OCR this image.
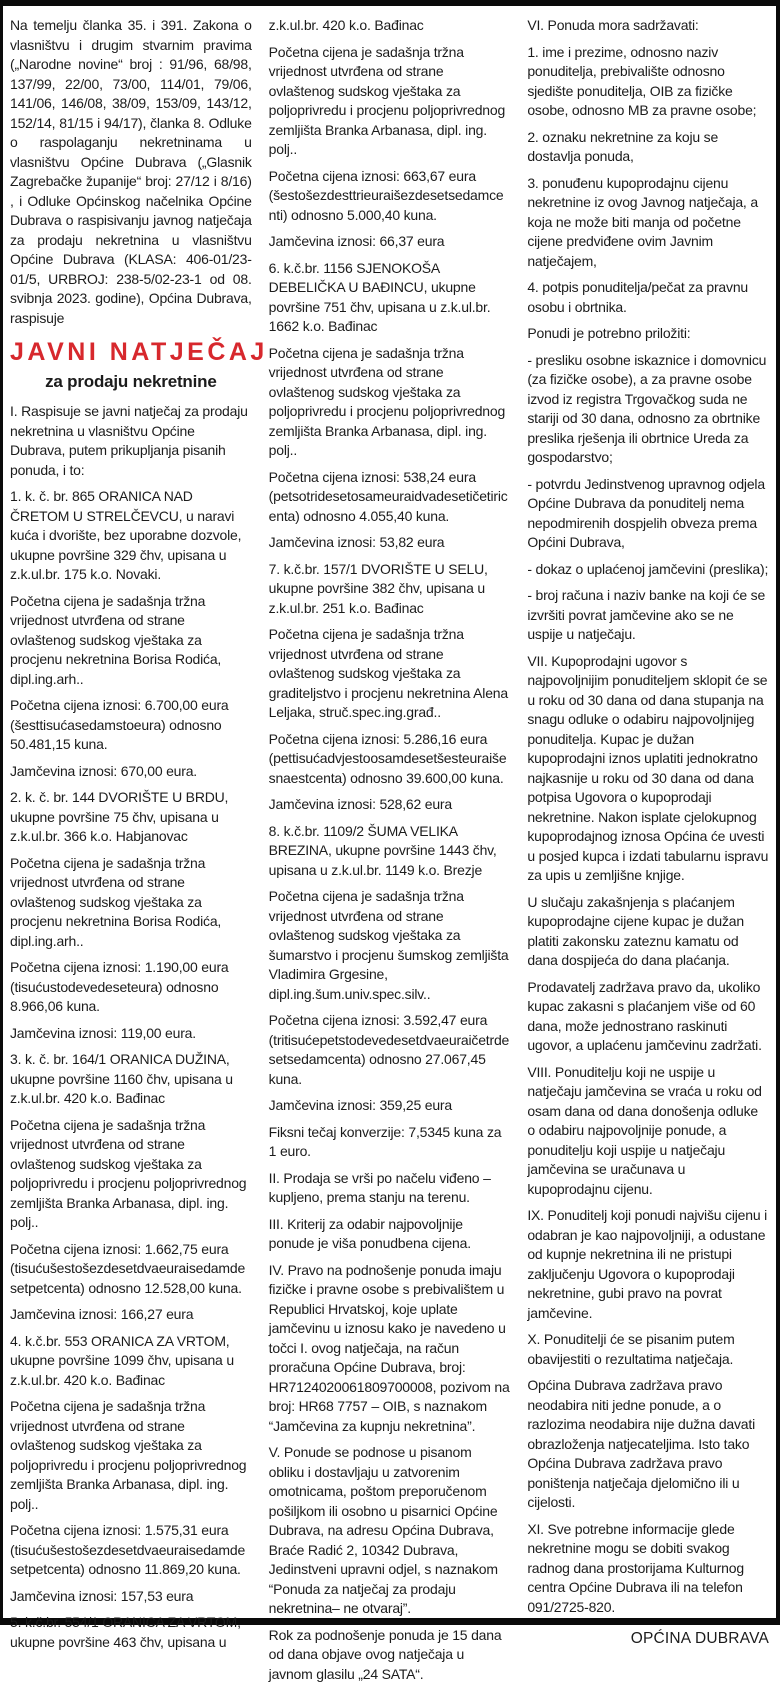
Na temelju članka 35. i 391. Zakona o vlasništvu i drugim stvarnim pravima („Narodne novine“ broj : 91/96, 68/98, 137/99, 22/00, 73/00, 114/01, 79/06, 141/06, 146/08, 38/09, 153/09, 143/12, 152/14, 81/15 i 94/17), članka 8. Odluke o raspolaganju nekretninama u vlasništvu Općine Dubrava („Glasnik Zagrebačke županije“ broj: 27/12 i 8/16) , i Odluke Općinskog načelnika Općine Dubrava o raspisivanju javnog natječaja za prodaju nekretnina u vlasništvu Općine Dubrava (KLASA: 406-01/23-01/5, URBROJ: 238-5/02-23-1 od 08. svibnja 2023. godine), Općina Dubrava, raspisuje

JAVNI NATJEČAJ
za prodaju nekretnine

I. Raspisuje se javni natječaj za prodaju nekretnina u vlasništvu Općine Dubrava, putem prikupljanja pisanih ponuda, i to:

1. k. č. br. 865 ORANICA NAD ČRETOM U STRELČEVCU, u naravi kuća i dvorište, bez uporabne dozvole, ukupne površine 329 čhv, upisana u z.k.ul.br. 175 k.o. Novaki.

Početna cijena je sadašnja tržna vrijednost utvrđena od strane ovlaštenog sudskog vještaka za procjenu nekretnina Borisa Rodića, dipl.ing.arh..

Početna cijena iznosi: 6.700,00 eura (šesttisućasedamstoeura) odnosno 50.481,15 kuna.

Jamčevina iznosi: 670,00 eura.

2. k. č. br. 144 DVORIŠTE U BRDU, ukupne površine 75 čhv, upisana u z.k.ul.br. 366 k.o. Habjanovac

Početna cijena je sadašnja tržna vrijednost utvrđena od strane ovlaštenog sudskog vještaka za procjenu nekretnina Borisa Rodića, dipl.ing.arh..

Početna cijena iznosi: 1.190,00 eura (tisućustodevedeseteura) odnosno 8.966,06 kuna.

Jamčevina iznosi: 119,00 eura.

3. k. č. br. 164/1 ORANICA DUŽINA, ukupne površine 1160 čhv, upisana u z.k.ul.br. 420 k.o. Bađinac

Početna cijena je sadašnja tržna vrijednost utvrđena od strane ovlaštenog sudskog vještaka za poljoprivredu i procjenu poljoprivrednog zemljišta Branka Arbanasa, dipl. ing. polj..

Početna cijena iznosi: 1.662,75 eura (tisućušestošezdesetdvaeuraisedamdesetpetcenta) odnosno 12.528,00 kuna.

Jamčevina iznosi: 166,27 eura

4. k.č.br. 553 ORANICA ZA VRTOM, ukupne površine 1099 čhv, upisana u z.k.ul.br. 420 k.o. Bađinac

Početna cijena je sadašnja tržna vrijednost utvrđena od strane ovlaštenog sudskog vještaka za poljoprivredu i procjenu poljoprivrednog zemljišta Branka Arbanasa, dipl. ing. polj..

Početna cijena iznosi: 1.575,31 eura (tisućušestošezdesetdvaeuraisedamdesetpetcenta) odnosno 11.869,20 kuna.

Jamčevina iznosi: 157,53 eura

5. k.č.br. 554/1 ORANICA ZA VRTOM, ukupne površine 463 čhv, upisana u

z.k.ul.br. 420 k.o. Bađinac

Početna cijena je sadašnja tržna vrijednost utvrđena od strane ovlaštenog sudskog vještaka za poljoprivredu i procjenu poljoprivrednog zemljišta Branka Arbanasa, dipl. ing. polj..

Početna cijena iznosi: 663,67 eura (šestošezdesttrieuraišezdesetsedamcenti) odnosno 5.000,40 kuna.

Jamčevina iznosi: 66,37 eura

6. k.č.br. 1156 SJENOKOŠA DEBELIČKA U BAĐINCU, ukupne površine 751 čhv, upisana u z.k.ul.br. 1662 k.o. Bađinac

Početna cijena je sadašnja tržna vrijednost utvrđena od strane ovlaštenog sudskog vještaka za poljoprivredu i procjenu poljoprivrednog zemljišta Branka Arbanasa, dipl. ing. polj..

Početna cijena iznosi: 538,24 eura (petsotridesetosameuraidvadesetičetiricenta) odnosno 4.055,40 kuna.

Jamčevina iznosi: 53,82 eura

7. k.č.br. 157/1 DVORIŠTE U SELU, ukupne površine 382 čhv, upisana u z.k.ul.br. 251 k.o. Bađinac

Početna cijena je sadašnja tržna vrijednost utvrđena od strane ovlaštenog sudskog vještaka za graditeljstvo i procjenu nekretnina Alena Leljaka, struč.spec.ing.građ..

Početna cijena iznosi: 5.286,16 eura (pettisućadvjestoosamdesetšesteuraišesnaestcenta) odnosno 39.600,00 kuna.

Jamčevina iznosi: 528,62 eura

8. k.č.br. 1109/2 ŠUMA VELIKA BREZINA, ukupne površine 1443 čhv, upisana u z.k.ul.br. 1149 k.o. Brezje

Početna cijena je sadašnja tržna vrijednost utvrđena od strane ovlaštenog sudskog vještaka za šumarstvo i procjenu šumskog zemljišta Vladimira Grgesine, dipl.ing.šum.univ.spec.silv..

Početna cijena iznosi: 3.592,47 eura (tritisućepetstodevedesetdvaeuraičetrdesetsedamcenta) odnosno 27.067,45 kuna.

Jamčevina iznosi: 359,25 eura

Fiksni tečaj konverzije: 7,5345 kuna za 1 euro.

II. Prodaja se vrši po načelu viđeno – kupljeno, prema stanju na terenu.

III. Kriterij za odabir najpovoljnije ponude je viša ponudbena cijena.

IV. Pravo na podnošenje ponuda imaju fizičke i pravne osobe s prebivalištem u Republici Hrvatskoj, koje uplate jamčevinu u iznosu kako je navedeno u točci I. ovog natječaja, na račun proračuna Općine Dubrava, broj: HR7124020061809700008, pozivom na broj: HR68 7757 – OIB, s naznakom “Jamčevina za kupnju nekretnina”.

V. Ponude se podnose u pisanom obliku i dostavljaju u zatvorenim omotnicama, poštom preporučenom pošiljkom ili osobno u pisarnici Općine Dubrava, na adresu Općina Dubrava, Braće Radić 2, 10342 Dubrava, Jedinstveni upravni odjel, s naznakom “Ponuda za natječaj za prodaju nekretnina– ne otvaraj”.

Rok za podnošenje ponuda je 15 dana od dana objave ovog natječaja u javnom glasilu „24 SATA“.

VI. Ponuda mora sadržavati:

1. ime i prezime, odnosno naziv ponuditelja, prebivalište odnosno sjedište ponuditelja, OIB za fizičke osobe, odnosno MB za pravne osobe;

2. oznaku nekretnine za koju se dostavlja ponuda,

3. ponuđenu kupoprodajnu cijenu nekretnine iz ovog Javnog natječaja, a koja ne može biti manja od početne cijene predviđene ovim Javnim natječajem,

4. potpis ponuditelja/pečat za pravnu osobu i obrtnika.

Ponudi je potrebno priložiti:

- presliku osobne iskaznice i domovnicu (za fizičke osobe), a za pravne osobe izvod iz registra Trgovačkog suda ne stariji od 30 dana, odnosno za obrtnike preslika rješenja ili obrtnice Ureda za gospodarstvo;

- potvrdu Jedinstvenog upravnog odjela Općine Dubrava da ponuditelj nema nepodmirenih dospjelih obveza prema Općini Dubrava,

- dokaz o uplaćenoj jamčevini (preslika);

- broj računa i naziv banke na koji će se izvršiti povrat jamčevine ako se ne uspije u natječaju.

VII. Kupoprodajni ugovor s najpovoljnijim ponuditeljem sklopit će se u roku od 30 dana od dana stupanja na snagu odluke o odabiru najpovoljnijeg ponuditelja. Kupac je dužan kupoprodajni iznos uplatiti jednokratno najkasnije u roku od 30 dana od dana potpisa Ugovora o kupoprodaji nekretnine. Nakon isplate cjelokupnog kupoprodajnog iznosa Općina će uvesti u posjed kupca i izdati tabularnu ispravu za upis u zemljišne knjige.

U slučaju zakašnjenja s plaćanjem kupoprodajne cijene kupac je dužan platiti zakonsku zateznu kamatu od dana dospijeća do dana plaćanja.

Prodavatelj zadržava pravo da, ukoliko kupac zakasni s plaćanjem više od 60 dana, može jednostrano raskinuti ugovor, a uplaćenu jamčevinu zadržati.

VIII. Ponuditelju koji ne uspije u natječaju jamčevina se vraća u roku od osam dana od dana donošenja odluke o odabiru najpovoljnije ponude, a ponuditelju koji uspije u natječaju jamčevina se uračunava u kupoprodajnu cijenu.

IX. Ponuditelj koji ponudi najvišu cijenu i odabran je kao najpovoljniji, a odustane od kupnje nekretnina ili ne pristupi zaključenju Ugovora o kupoprodaji nekretnine, gubi pravo na povrat jamčevine.

X. Ponuditelji će se pisanim putem obavijestiti o rezultatima natječaja.

Općina Dubrava zadržava pravo neodabira niti jedne ponude, a o razlozima neodabira nije dužna davati obrazloženja natjecateljima. Isto tako Općina Dubrava zadržava pravo poništenja natječaja djelomično ili u cijelosti.

XI. Sve potrebne informacije glede nekretnine mogu se dobiti svakog radnog dana prostorijama Kulturnog centra Općine Dubrava ili na telefon 091/2725-820.

OPĆINA DUBRAVA
